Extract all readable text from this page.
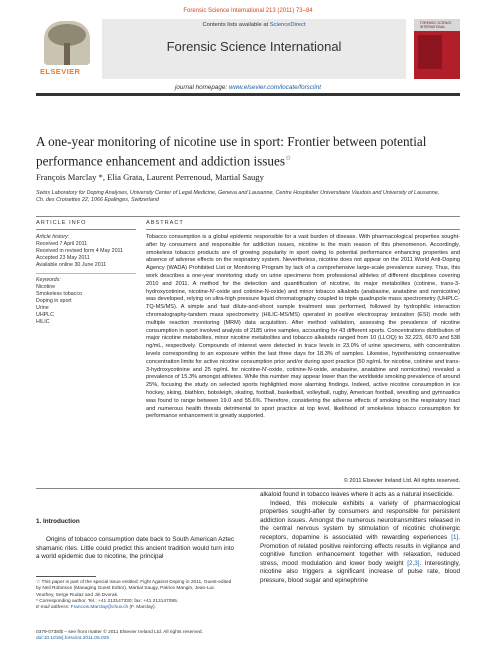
Forensic Science International 213 (2011) 73–84
ELSEVIER
Contents lists available at ScienceDirect
Forensic Science International
FORENSIC SCIENCE INTERNATIONAL
journal homepage: www.elsevier.com/locate/forsciint
A one-year monitoring of nicotine use in sport: Frontier between potential performance enhancement and addiction issues☆
François Marclay *, Elia Grata, Laurent Perrenoud, Martial Saugy
Swiss Laboratory for Doping Analyses, University Center of Legal Medicine, Geneva and Lausanne, Centre Hospitalier Universitaire Vaudois and University of Lausanne,
Ch. des Croisettes 22, 1066 Epalinges, Switzerland
ARTICLE INFO	ABSTRACT
Article history:
Received 7 April 2011
Received in revised form 4 May 2011
Accepted 23 May 2011
Available online 30 June 2011
Keywords:
Nicotine
Smokeless tobacco
Doping in sport
Urine
UHPLC
HILIC

Tobacco consumption is a global epidemic responsible for a vast burden of disease. With pharmacological properties sought-after by consumers and responsible for addiction issues, nicotine is the main reason of this phenomenon. Accordingly, smokeless tobacco products are of growing popularity in sport owing to potential performance enhancing properties and absence of adverse effects on the respiratory system. Nevertheless, nicotine does not appear on the 2011 World Anti-Doping Agency (WADA) Prohibited List or Monitoring Program by lack of a comprehensive large-scale prevalence survey. Thus, this work describes a one-year monitoring study on urine specimens from professional athletes of different disciplines covering 2010 and 2011. A method for the detection and quantification of nicotine, its major metabolites (cotinine, trans-3-hydroxycotinine, nicotine-N′-oxide and cotinine-N-oxide) and minor tobacco alkaloids (anabasine, anatabine and nornicotine) was developed, relying on ultra-high pressure liquid chromatography coupled to triple quadrupole mass spectrometry (UHPLC-TQ-MS/MS). A simple and fast dilute-and-shoot sample treatment was performed, followed by hydrophilic interaction chromatography-tandem mass spectrometry (HILIC-MS/MS) operated in positive electrospray ionization (ESI) mode with multiple reaction monitoring (MRM) data acquisition. After method validation, assessing the prevalence of nicotine consumption in sport involved analysis of 2185 urine samples, accounting for 43 different sports. Concentrations distribution of major nicotine metabolites, minor nicotine metabolites and tobacco alkaloids ranged from 10 (LLOQ) to 32,223, 6670 and 538 ng/mL, respectively. Compounds of interest were detected in trace levels in 23.0% of urine specimens, with concentration levels corresponding to an exposure within the last three days for 18.3% of samples. Likewise, hypothesizing conservative concentration limits for active nicotine consumption prior and/or during sport practice (50 ng/mL for nicotine, cotinine and trans-3-hydroxycotinine and 25 ng/mL for nicotine-N′-oxide, cotinine-N-oxide, anabasine, anatabine and nornicotine) revealed a prevalence of 15.3% amongst athletes. While this number may appear lower than the worldwide smoking prevalence of around 25%, focusing the study on selected sports highlighted more alarming findings. Indeed, active nicotine consumption in ice hockey, skiing, biathlon, bobsleigh, skating, football, basketball, volleyball, rugby, American football, wrestling and gymnastics was found to range between 19.0 and 55.6%. Therefore, considering the adverse effects of smoking on the respiratory tract and numerous health threats detrimental to sport practice at top level, likelihood of smokeless tobacco consumption for performance enhancement is greatly supported.

© 2011 Elsevier Ireland Ltd. All rights reserved.
1. Introduction

Origins of tobacco consumption date back to South American Aztec shamanic rites. Little could predict this ancient tradition would turn into a world epidemic due to nicotine, the principal

alkaloid found in tobacco leaves where it acts as a natural insecticide.

Indeed, this molecule exhibits a variety of pharmacological properties sought-after by consumers and responsible for persistent addiction issues. Amongst the numerous neurotransmitters released in the central nervous system by stimulation of nicotinic cholinergic receptors, dopamine is associated with rewarding experiences [1]. Promotion of related positive reinforcing effects results in vigilance and cognitive function enhancement together with relaxation, reduced stress, mood modulation and lower body weight [2,3]. Interestingly, nicotine also triggers a significant increase of pulse rate, blood pressure, blood sugar and epinephrine

☆ This paper is part of the special issue entitled: Fight Against Doping in 2011, Guest-edited by Neil Robinson (Managing Guest Editor), Martial Saugy, Patrice Mangin, Jean-Luc Veuthey, Serge Rudaz and Jiri Dvorak.

* Corresponding author. Tel.: +41 213147330; fax: +41 213147095.

E-mail address: Francois.Marclay@chuv.ch (F. Marclay).

0379-0738/$ – see front matter © 2011 Elsevier Ireland Ltd. All rights reserved.

doi:10.1016/j.forsciint.2011.05.026
